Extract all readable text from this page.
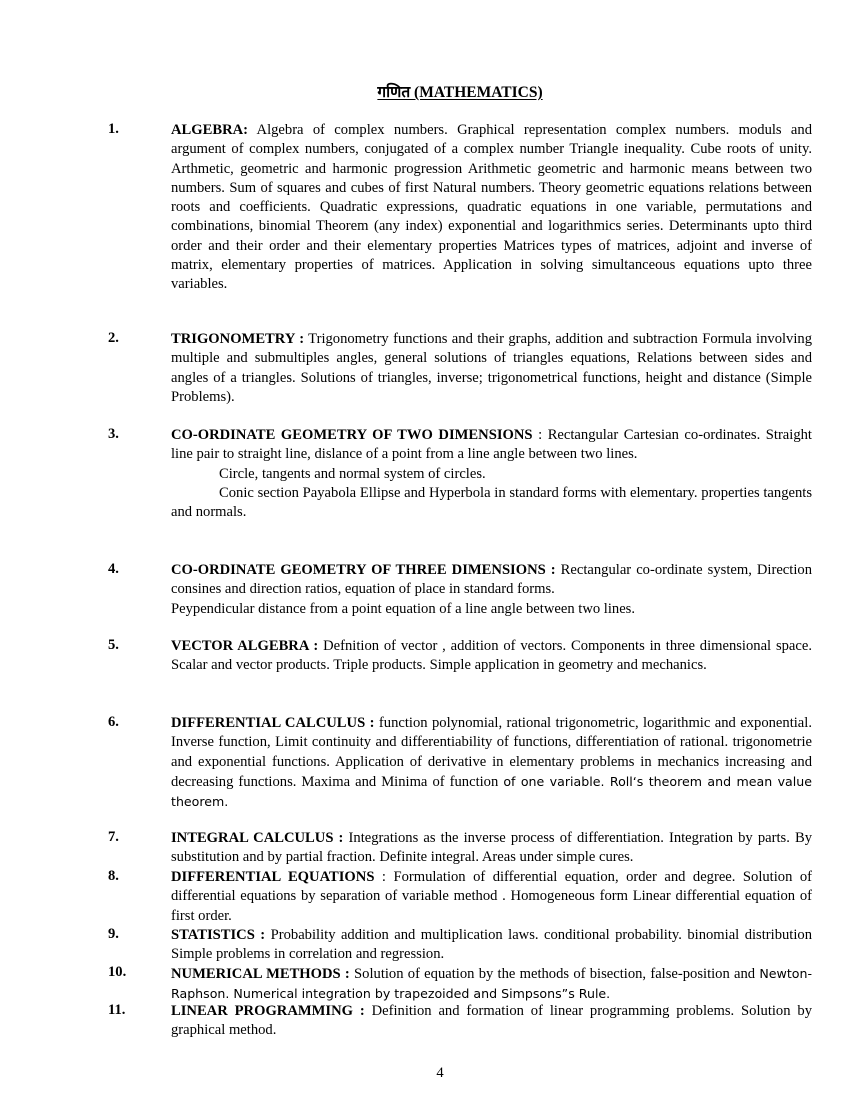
गणित (MATHEMATICS)
1.	ALGEBRA: Algebra of complex numbers. Graphical representation complex numbers. moduls and argument of complex numbers, conjugated of a complex number Triangle inequality. Cube roots of unity. Arthmetic, geometric and harmonic progression Arithmetic geometric and harmonic means between two numbers. Sum of squares and cubes of first Natural numbers. Theory geometric equations relations between roots and coefficients. Quadratic expressions, quadratic equations in one variable, permutations and combinations, binomial Theorem (any index) exponential and logarithmics series. Determinants upto third order and their order and their elementary properties Matrices types of matrices, adjoint and inverse of matrix, elementary properties of matrices. Application in solving simultanceous equations upto three variables.

2.	TRIGONOMETRY : Trigonometry functions and their graphs, addition and subtraction Formula involving multiple and submultiples angles, general solutions of triangles equations, Relations between sides and angles of a triangles. Solutions of triangles, inverse; trigonometrical functions, height and distance (Simple Problems).

3.	CO-ORDINATE GEOMETRY OF TWO DIMENSIONS : Rectangular Cartesian co-ordinates. Straight line pair to straight line, dislance of a point from a line angle between two lines.

Circle, tangents and normal system of circles.

Conic section Payabola Ellipse and Hyperbola in standard forms with elementary. properties tangents and normals.

4.	CO-ORDINATE GEOMETRY OF THREE DIMENSIONS : Rectangular co-ordinate system, Direction consines and direction ratios, equation of place in standard forms.

Peypendicular distance from a point equation of a line angle between two lines.

5.	VECTOR ALGEBRA : Defnition of vector , addition of vectors. Components in three dimensional space. Scalar and vector products. Triple products. Simple application in geometry and mechanics.

6.	DIFFERENTIAL CALCULUS : function polynomial, rational trigonometric, logarithmic and exponential. Inverse function, Limit continuity and differentiability of functions, differentiation of rational. trigonometrie and exponential functions. Application of derivative in elementary problems in mechanics increasing and decreasing functions. Maxima and Minima of function of one variable. Roll‘s theorem and mean value theorem.

7.	INTEGRAL CALCULUS : Integrations as the inverse process of differentiation. Integration by parts. By substitution and by partial fraction. Definite integral. Areas under simple cures.

8.	DIFFERENTIAL EQUATIONS : Formulation of differential equation, order and degree. Solution of differential equations by separation of variable method . Homogeneous form Linear differential equation of first order.

9.	STATISTICS : Probability addition and multiplication laws. conditional probability. binomial distribution Simple problems in correlation and regression.

10.	NUMERICAL METHODS : Solution of equation by the methods of bisection, false-position and Newton-Raphson. Numerical integration by trapezoided and Simpsons”s Rule.

11.	LINEAR PROGRAMMING : Definition and formation of linear programming problems. Solution by graphical method.

4
